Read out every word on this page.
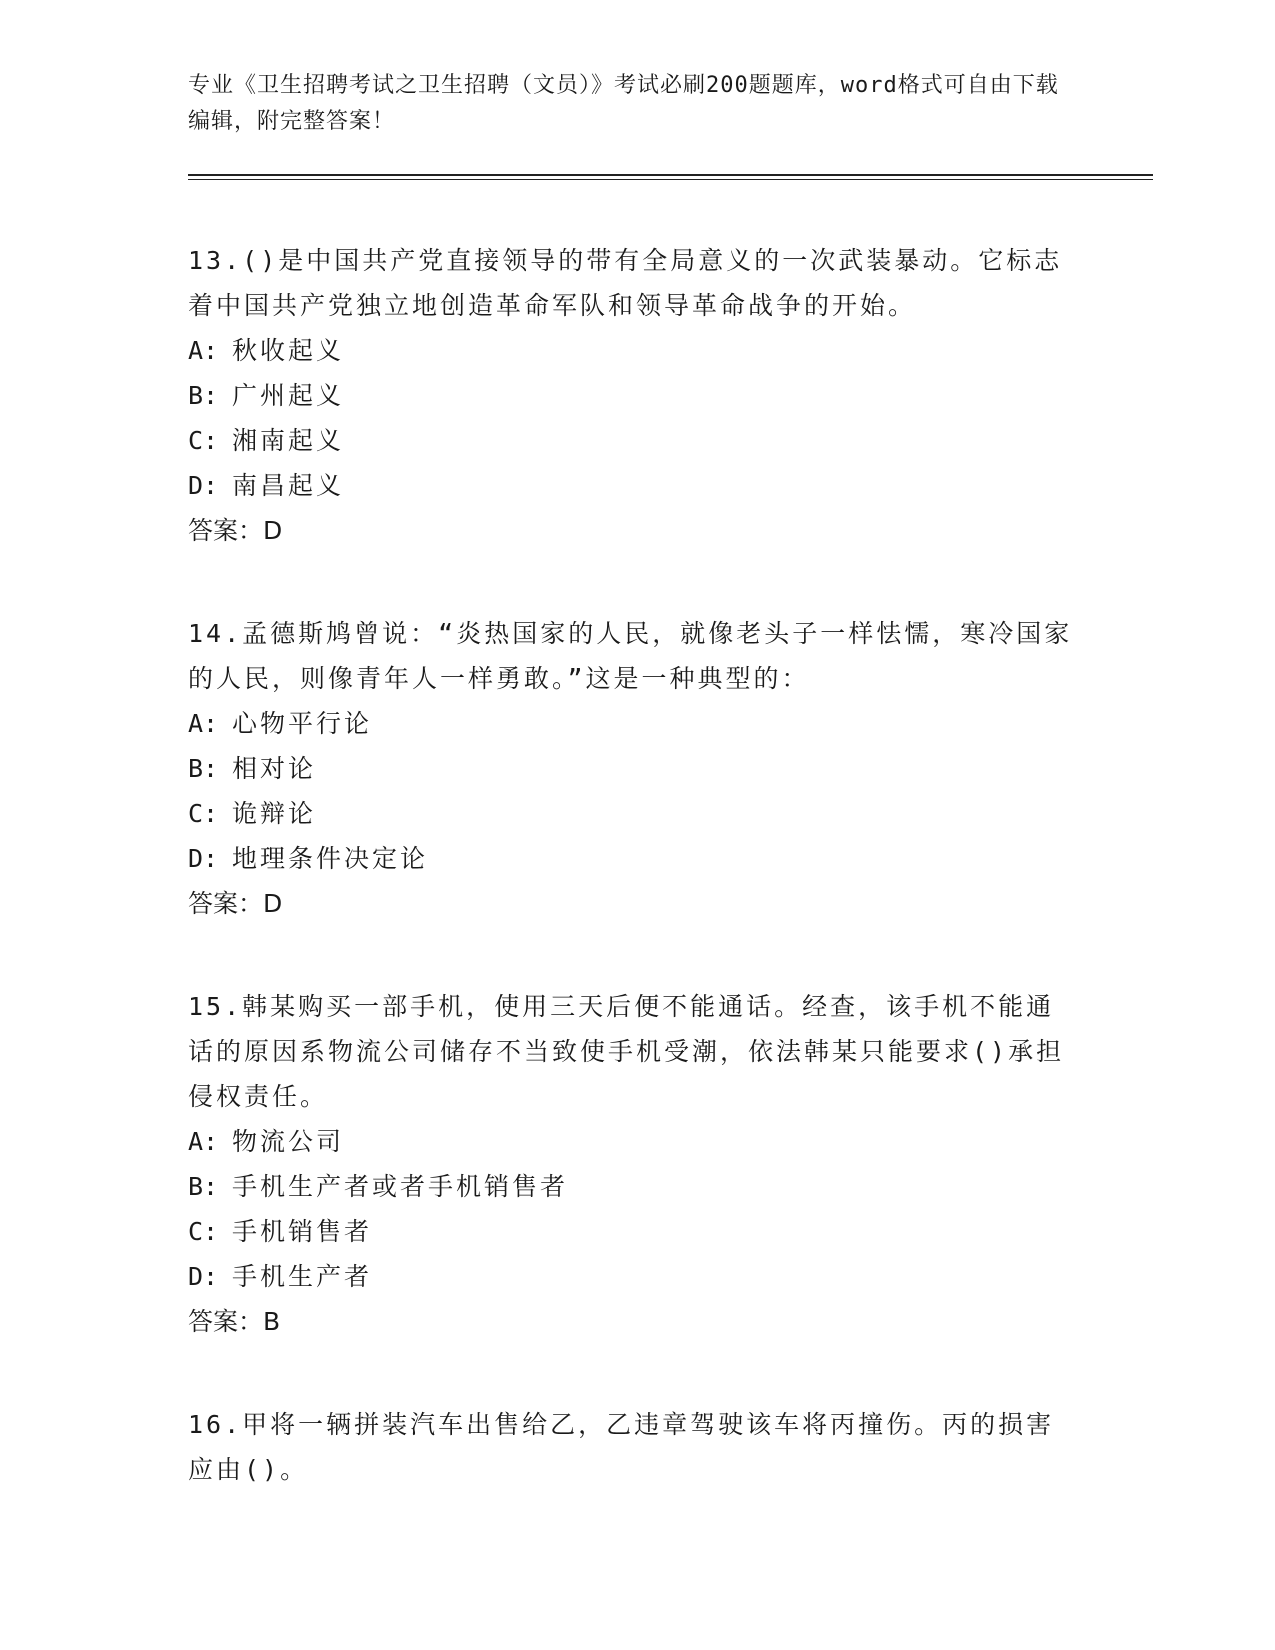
专业《卫生招聘考试之卫生招聘（文员）》考试必刷200题题库，word格式可自由下载编辑，附完整答案！

13.()是中国共产党直接领导的带有全局意义的一次武装暴动。它标志着中国共产党独立地创造革命军队和领导革命战争的开始。

A: 秋收起义

B: 广州起义

C: 湘南起义

D: 南昌起义

答案：D

14.孟德斯鸠曾说：“炎热国家的人民，就像老头子一样怯懦，寒冷国家的人民，则像青年人一样勇敢。”这是一种典型的：

A: 心物平行论

B: 相对论

C: 诡辩论

D: 地理条件决定论

答案：D

15.韩某购买一部手机，使用三天后便不能通话。经查，该手机不能通话的原因系物流公司储存不当致使手机受潮，依法韩某只能要求()承担侵权责任。

A: 物流公司

B: 手机生产者或者手机销售者

C: 手机销售者

D: 手机生产者

答案：B

16.甲将一辆拼装汽车出售给乙，乙违章驾驶该车将丙撞伤。丙的损害应由()。
